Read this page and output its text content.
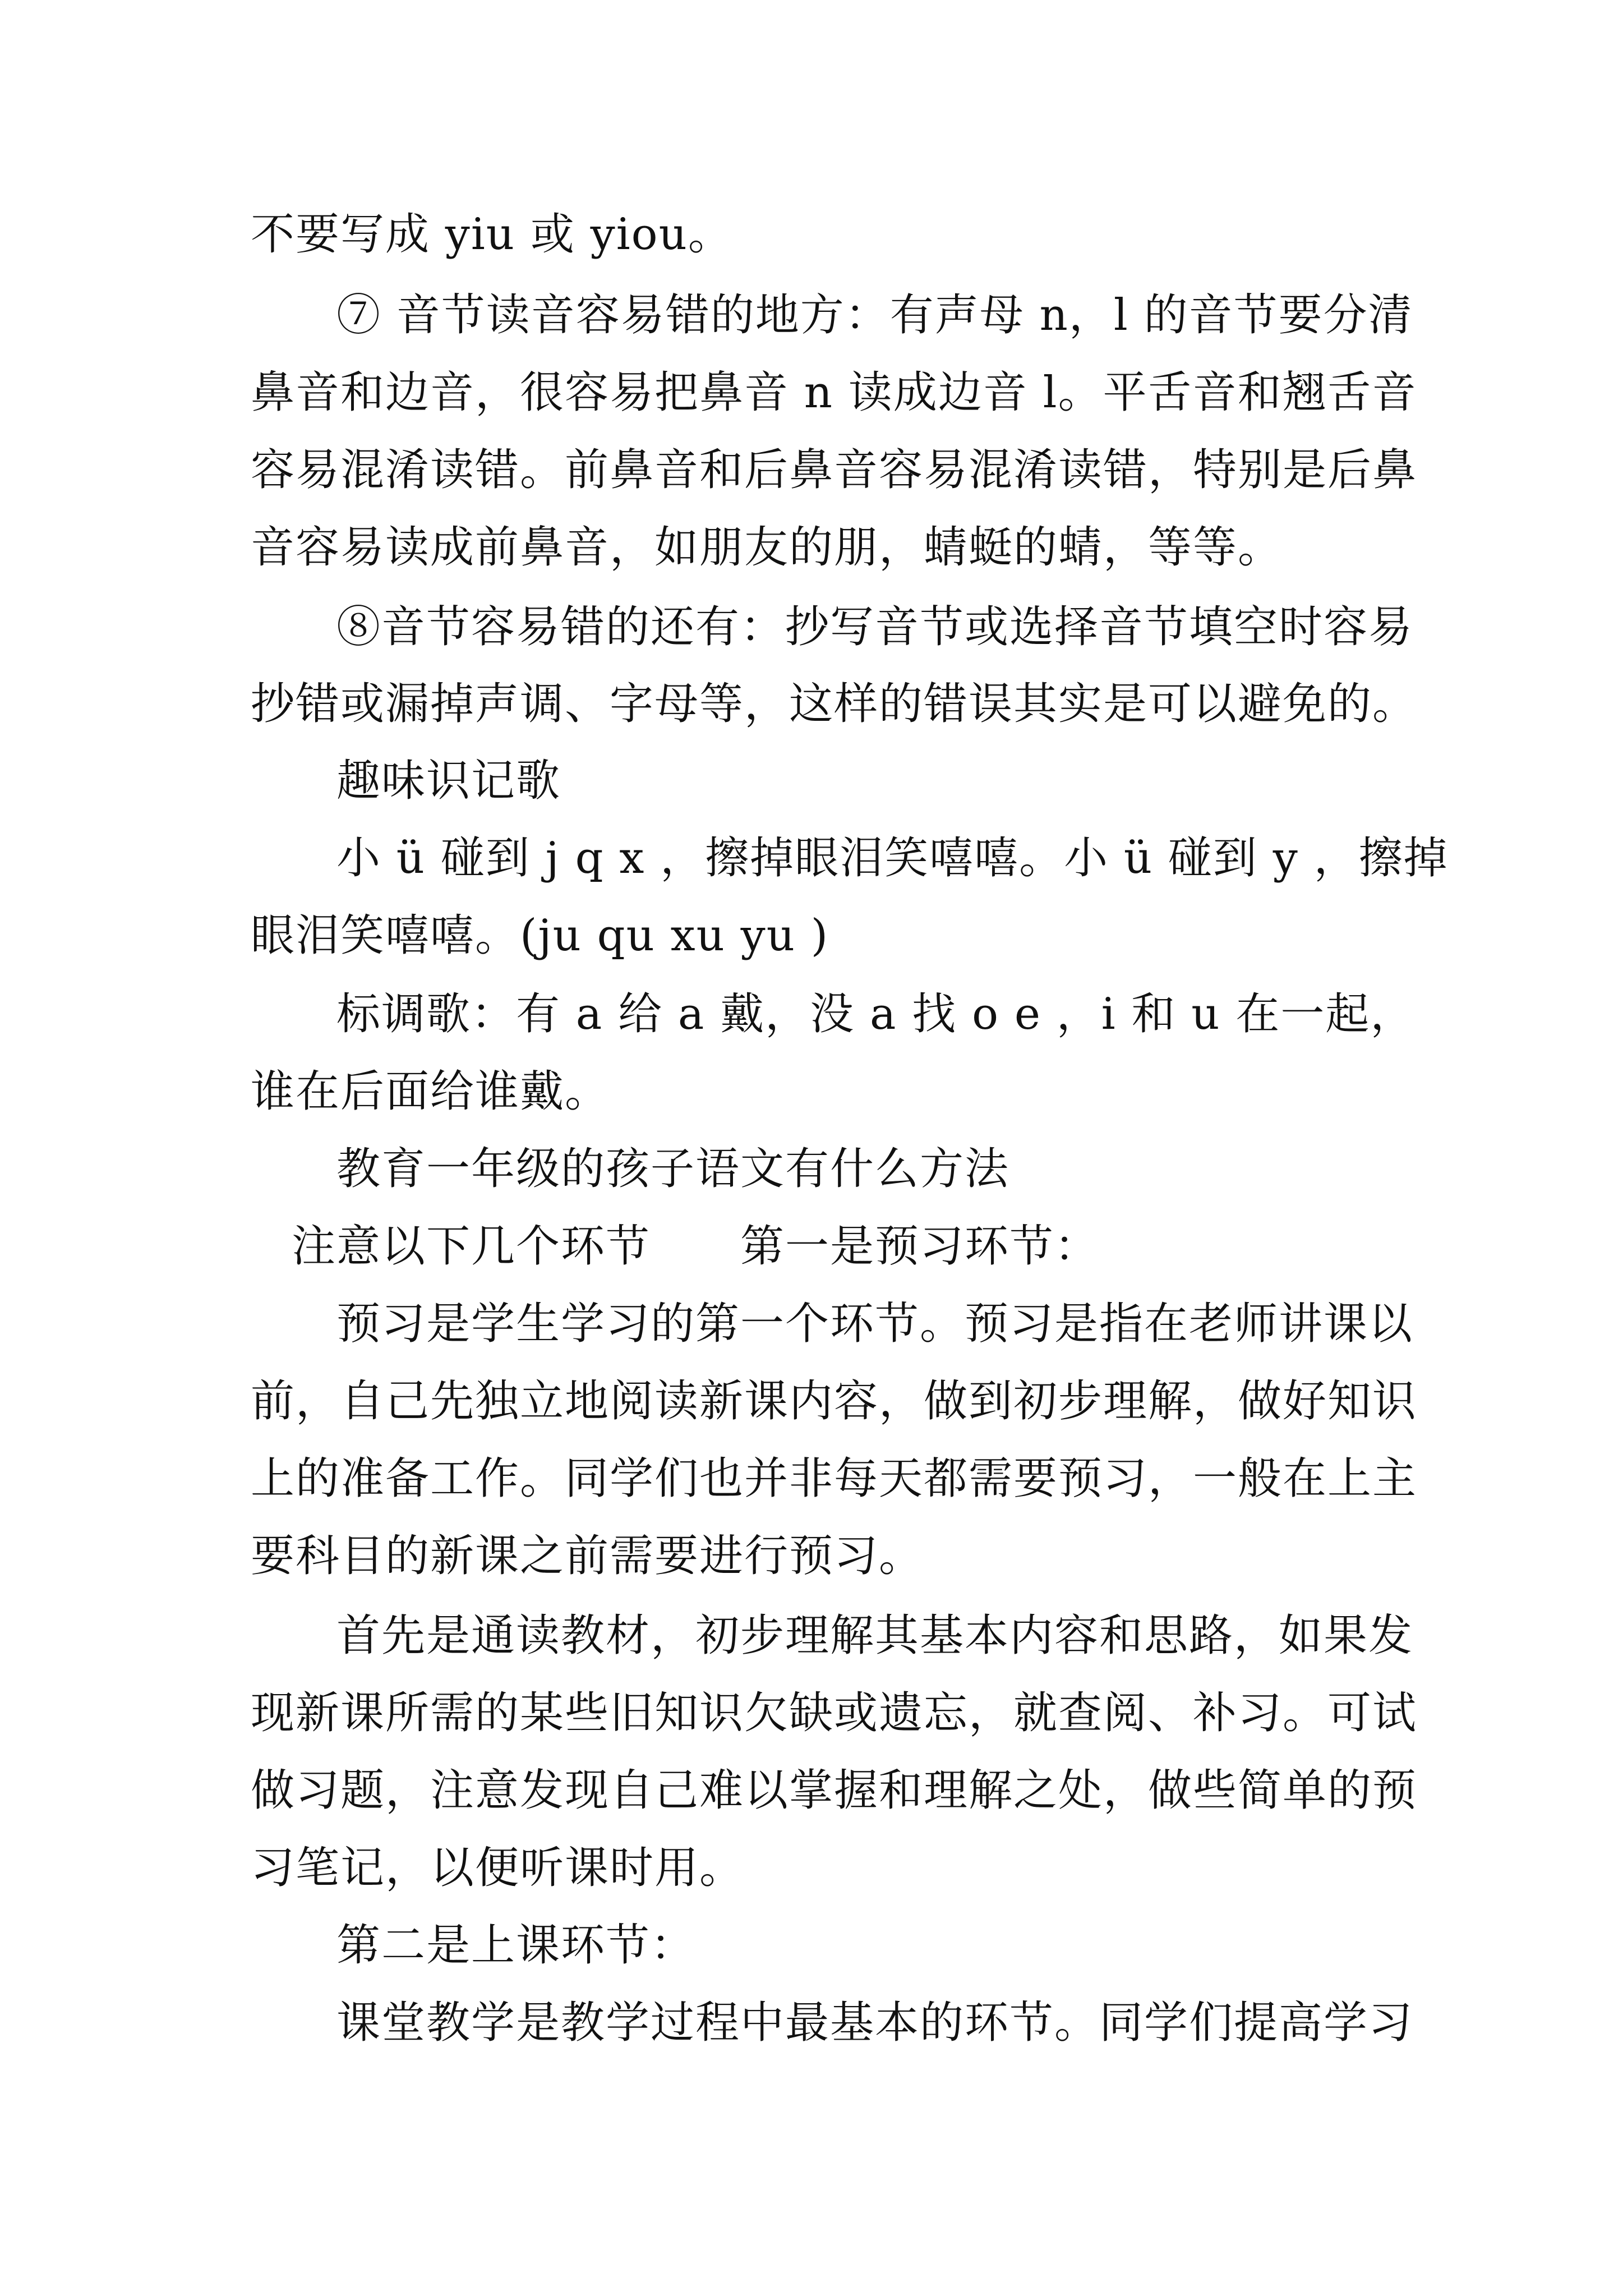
不要写成 yiu 或 yiou。
⑦ 音节读音容易错的地方：有声母 n，l 的音节要分清
鼻音和边音，很容易把鼻音 n 读成边音 l。平舌音和翘舌音
容易混淆读错。前鼻音和后鼻音容易混淆读错，特别是后鼻
音容易读成前鼻音，如朋友的朋，蜻蜓的蜻，等等。
⑧音节容易错的还有：抄写音节或选择音节填空时容易
抄错或漏掉声调、字母等，这样的错误其实是可以避免的。
趣味识记歌
小 ü 碰到 j q x ，擦掉眼泪笑嘻嘻。小 ü 碰到 y ，擦掉
眼泪笑嘻嘻。(ju qu xu yu )
标调歌：有 a 给 a 戴，没 a 找 o e ，i 和 u 在一起，
谁在后面给谁戴。
教育一年级的孩子语文有什么方法
注意以下几个环节　　第一是预习环节：
预习是学生学习的第一个环节。预习是指在老师讲课以
前，自己先独立地阅读新课内容，做到初步理解，做好知识
上的准备工作。同学们也并非每天都需要预习，一般在上主
要科目的新课之前需要进行预习。
首先是通读教材，初步理解其基本内容和思路，如果发
现新课所需的某些旧知识欠缺或遗忘，就查阅、补习。可试
做习题，注意发现自己难以掌握和理解之处，做些简单的预
习笔记，以便听课时用。
第二是上课环节：
课堂教学是教学过程中最基本的环节。同学们提高学习
